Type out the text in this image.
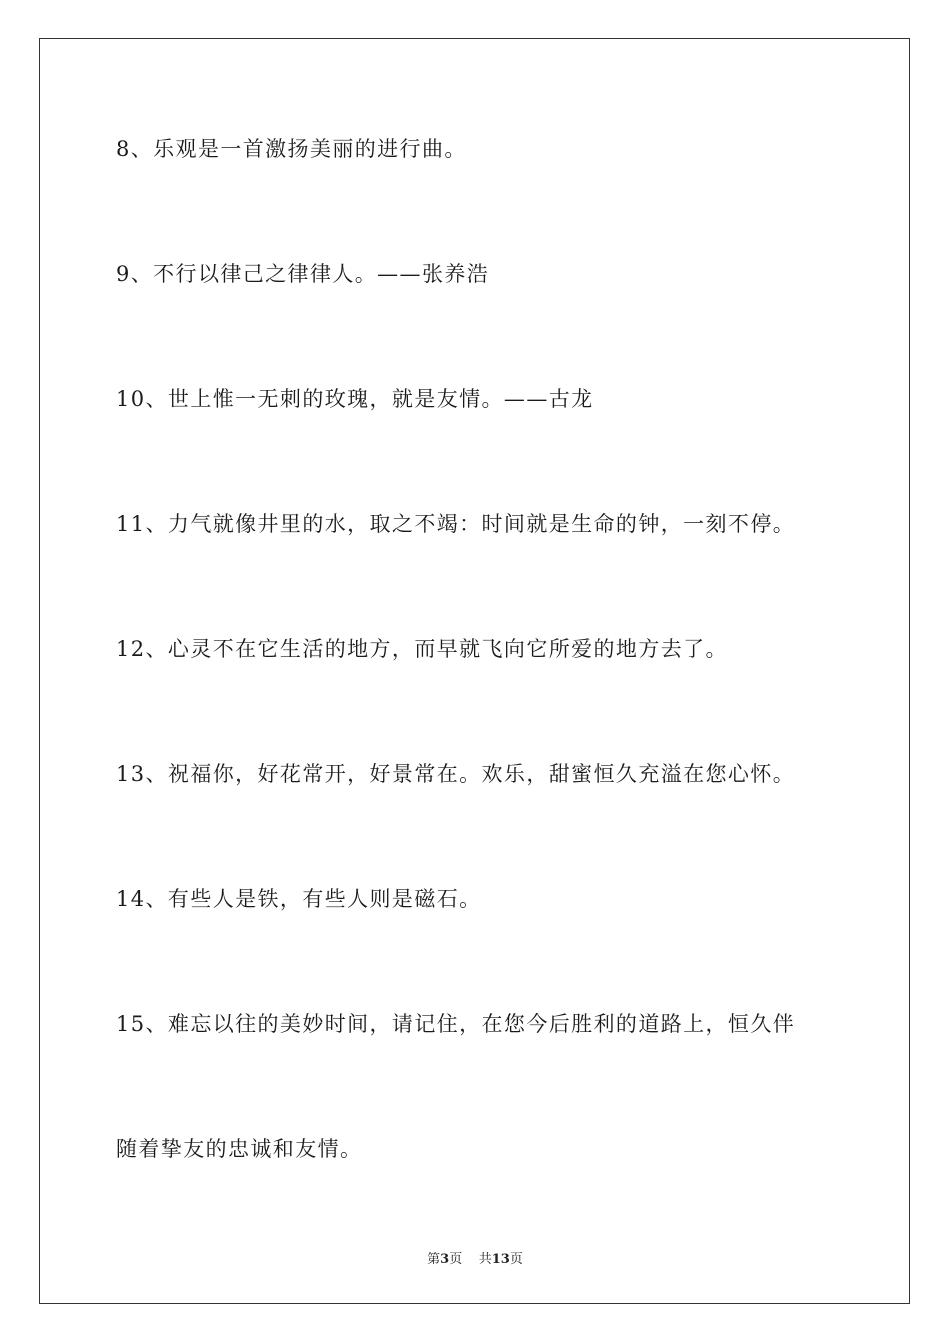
8、乐观是一首激扬美丽的进行曲。
9、不行以律己之律律人。——张养浩
10、世上惟一无刺的玫瑰，就是友情。——古龙
11、力气就像井里的水，取之不竭：时间就是生命的钟，一刻不停。
12、心灵不在它生活的地方，而早就飞向它所爱的地方去了。
13、祝福你，好花常开，好景常在。欢乐，甜蜜恒久充溢在您心怀。
14、有些人是铁，有些人则是磁石。
15、难忘以往的美妙时间，请记住，在您今后胜利的道路上，恒久伴
随着挚友的忠诚和友情。
第3页 共13页
